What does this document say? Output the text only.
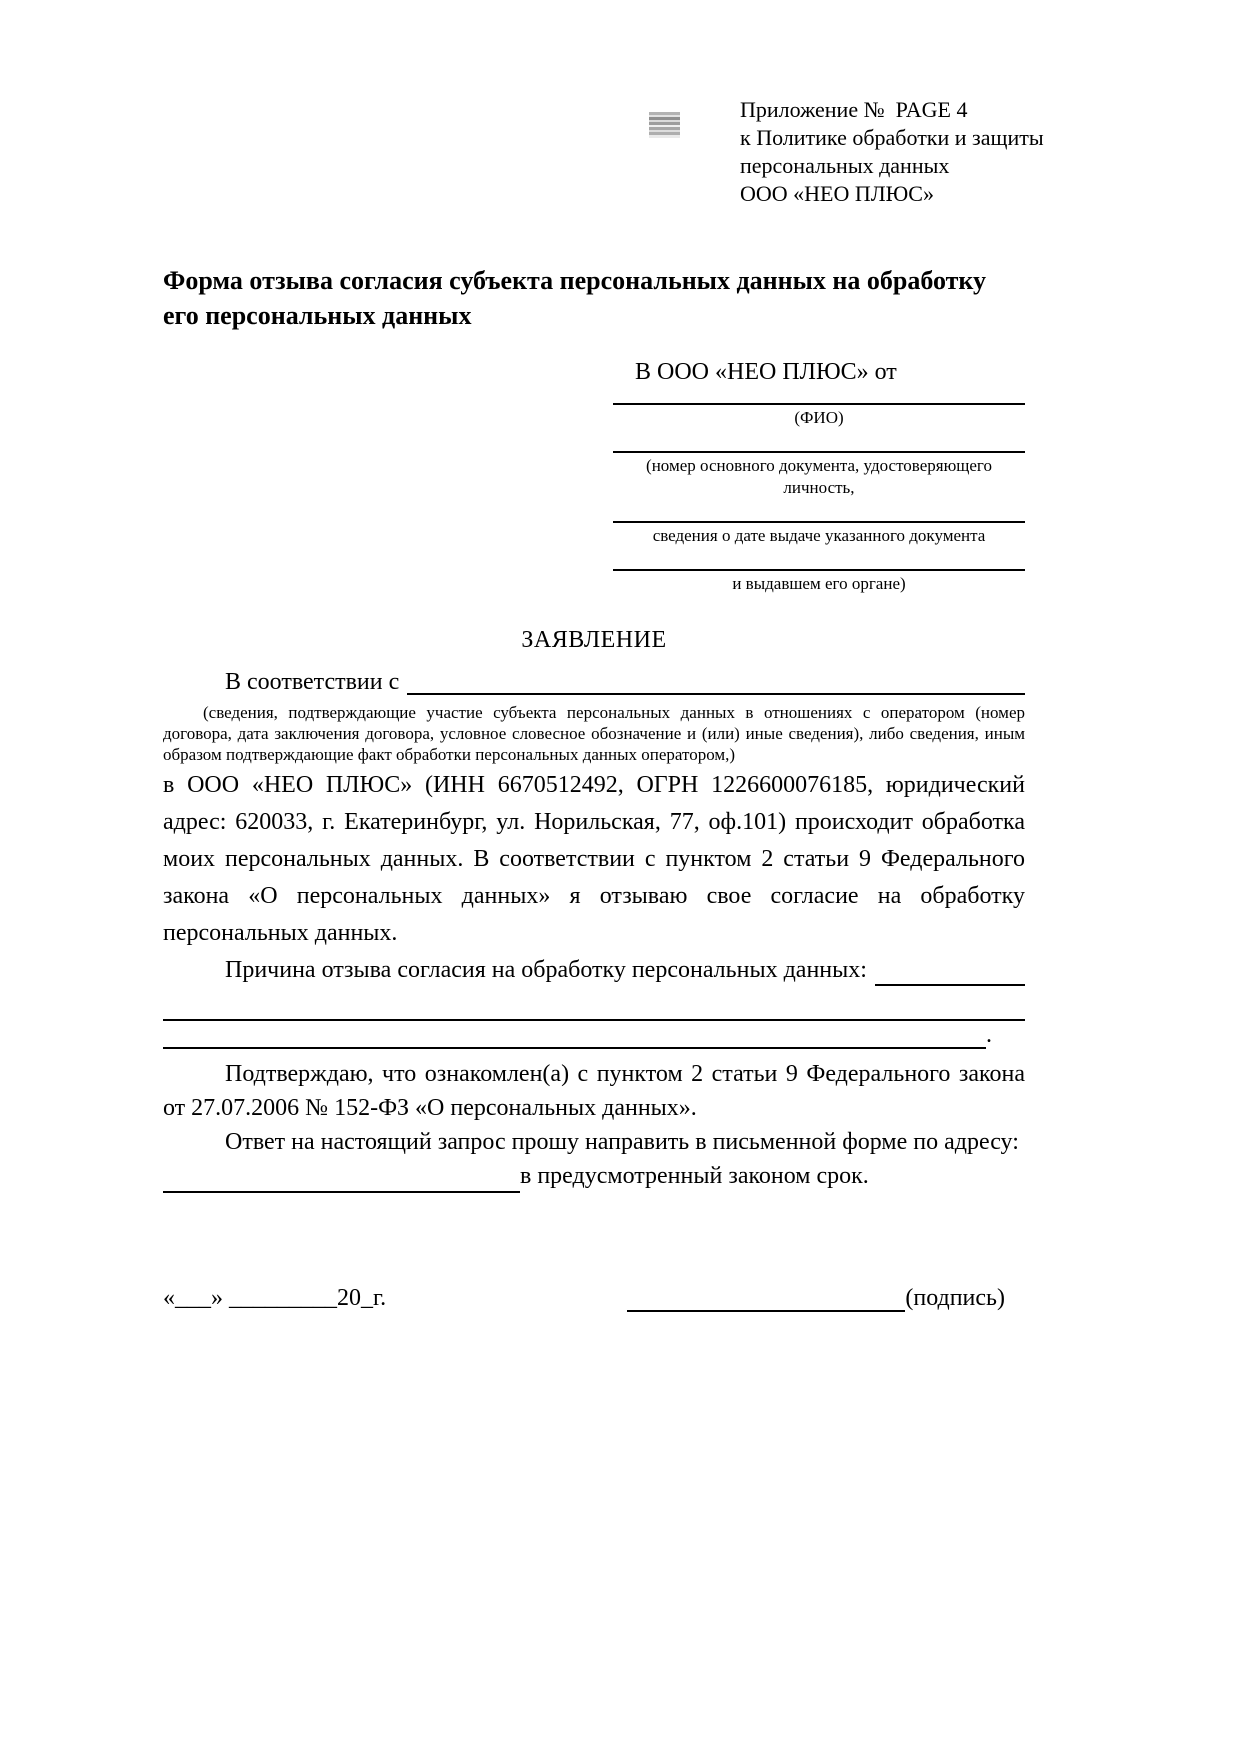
Приложение №  PAGE 4
к Политике обработки и защиты
персональных данных
ООО «НЕО ПЛЮС»

Форма отзыва согласия субъекта персональных данных на обработку его персональных данных

В ООО «НЕО ПЛЮС» от
(ФИО)
(номер основного документа, удостоверяющего личность,
сведения о дате выдаче указанного документа
и выдавшем его органе)
ЗАЯВЛЕНИЕ
В соответствии с

(сведения, подтверждающие участие субъекта персональных данных в отношениях с оператором (номер договора, дата заключения договора, условное словесное обозначение и (или) иные сведения), либо сведения, иным образом подтверждающие факт обработки персональных данных оператором,)

в ООО «НЕО ПЛЮС» (ИНН 6670512492, ОГРН 1226600076185, юридический адрес: 620033, г. Екатеринбург, ул. Норильская, 77, оф.101) происходит обработка моих персональных данных. В соответствии с пунктом 2 статьи 9 Федерального закона «О персональных данных» я отзываю свое согласие на обработку персональных данных.

Причина отзыва согласия на обработку персональных данных:
.

Подтверждаю, что ознакомлен(а) с пунктом 2 статьи 9 Федерального закона от 27.07.2006 № 152-ФЗ «О персональных данных».

Ответ на настоящий запрос прошу направить в письменной форме по адресу:

в предусмотренный законом срок.
«___» _________20_г.	(подпись)
